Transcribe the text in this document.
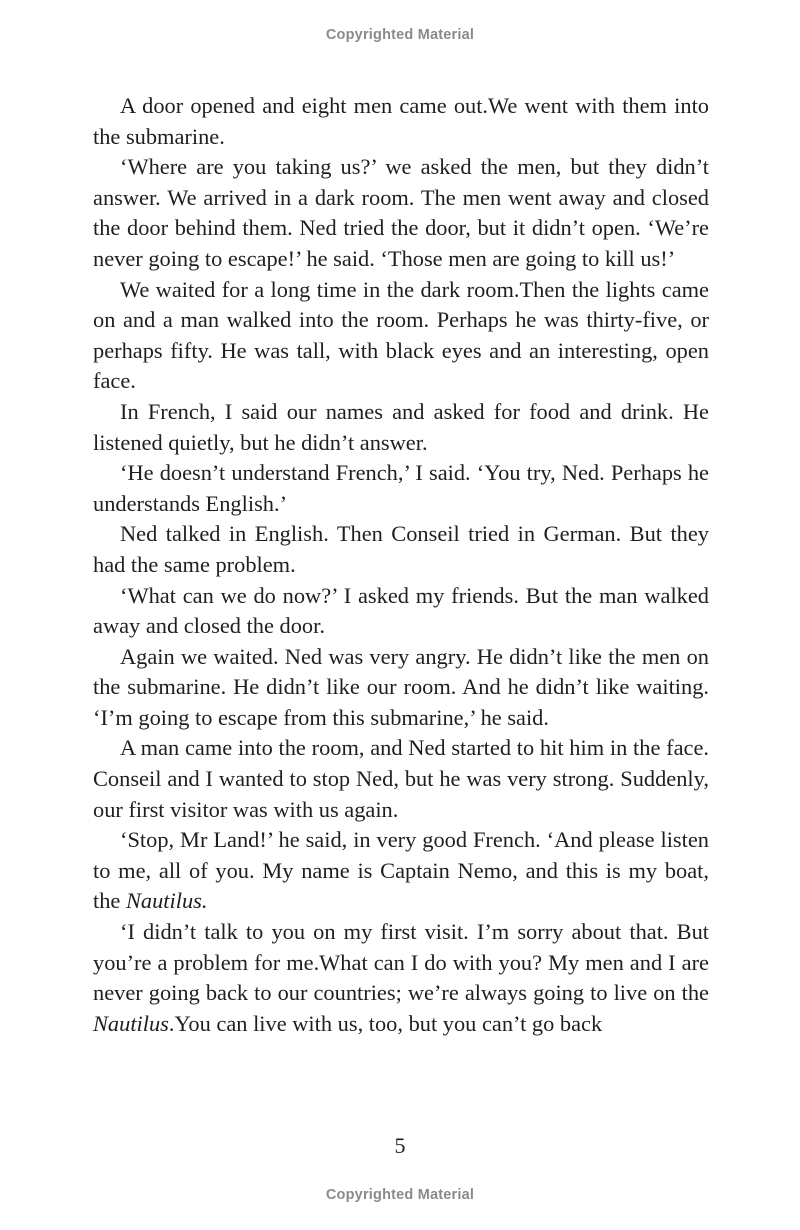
Copyrighted Material

A door opened and eight men came out.We went with them into the submarine.

‘Where are you taking us?’ we asked the men, but they didn’t answer. We arrived in a dark room. The men went away and closed the door behind them. Ned tried the door, but it didn’t open. ‘We’re never going to escape!’ he said. ‘Those men are going to kill us!’

We waited for a long time in the dark room.Then the lights came on and a man walked into the room. Perhaps he was thirty-five, or perhaps fifty. He was tall, with black eyes and an interesting, open face.

In French, I said our names and asked for food and drink. He listened quietly, but he didn’t answer.

‘He doesn’t understand French,’ I said. ‘You try, Ned. Perhaps he understands English.’

Ned talked in English. Then Conseil tried in German. But they had the same problem.

‘What can we do now?’ I asked my friends. But the man walked away and closed the door.

Again we waited. Ned was very angry. He didn’t like the men on the submarine. He didn’t like our room. And he didn’t like waiting. ‘I’m going to escape from this submarine,’ he said.

A man came into the room, and Ned started to hit him in the face. Conseil and I wanted to stop Ned, but he was very strong. Suddenly, our first visitor was with us again.

‘Stop, Mr Land!’ he said, in very good French. ‘And please listen to me, all of you. My name is Captain Nemo, and this is my boat, the Nautilus.

‘I didn’t talk to you on my first visit. I’m sorry about that. But you’re a problem for me.What can I do with you? My men and I are never going back to our countries; we’re always going to live on the Nautilus.You can live with us, too, but you can’t go back

5
Copyrighted Material
